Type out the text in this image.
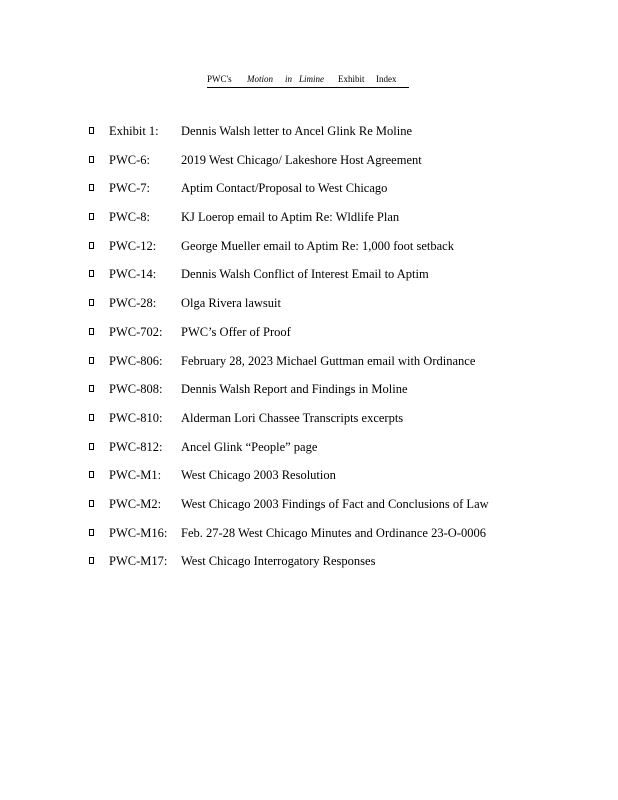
PWC's Motion in Limine Exhibit Index
Exhibit 1: Dennis Walsh letter to Ancel Glink Re Moline
PWC-6: 2019 West Chicago/ Lakeshore Host Agreement
PWC-7: Aptim Contact/Proposal to West Chicago
PWC-8: KJ Loerop email to Aptim Re: Wldlife Plan
PWC-12: George Mueller email to Aptim Re: 1,000 foot setback
PWC-14: Dennis Walsh Conflict of Interest Email to Aptim
PWC-28: Olga Rivera lawsuit
PWC-702: PWC’s Offer of Proof
PWC-806: February 28, 2023 Michael Guttman email with Ordinance
PWC-808: Dennis Walsh Report and Findings in Moline
PWC-810: Alderman Lori Chassee Transcripts excerpts
PWC-812: Ancel Glink “People” page
PWC-M1: West Chicago 2003 Resolution
PWC-M2: West Chicago 2003 Findings of Fact and Conclusions of Law
PWC-M16: Feb. 27-28 West Chicago Minutes and Ordinance 23-O-0006
PWC-M17: West Chicago Interrogatory Responses
